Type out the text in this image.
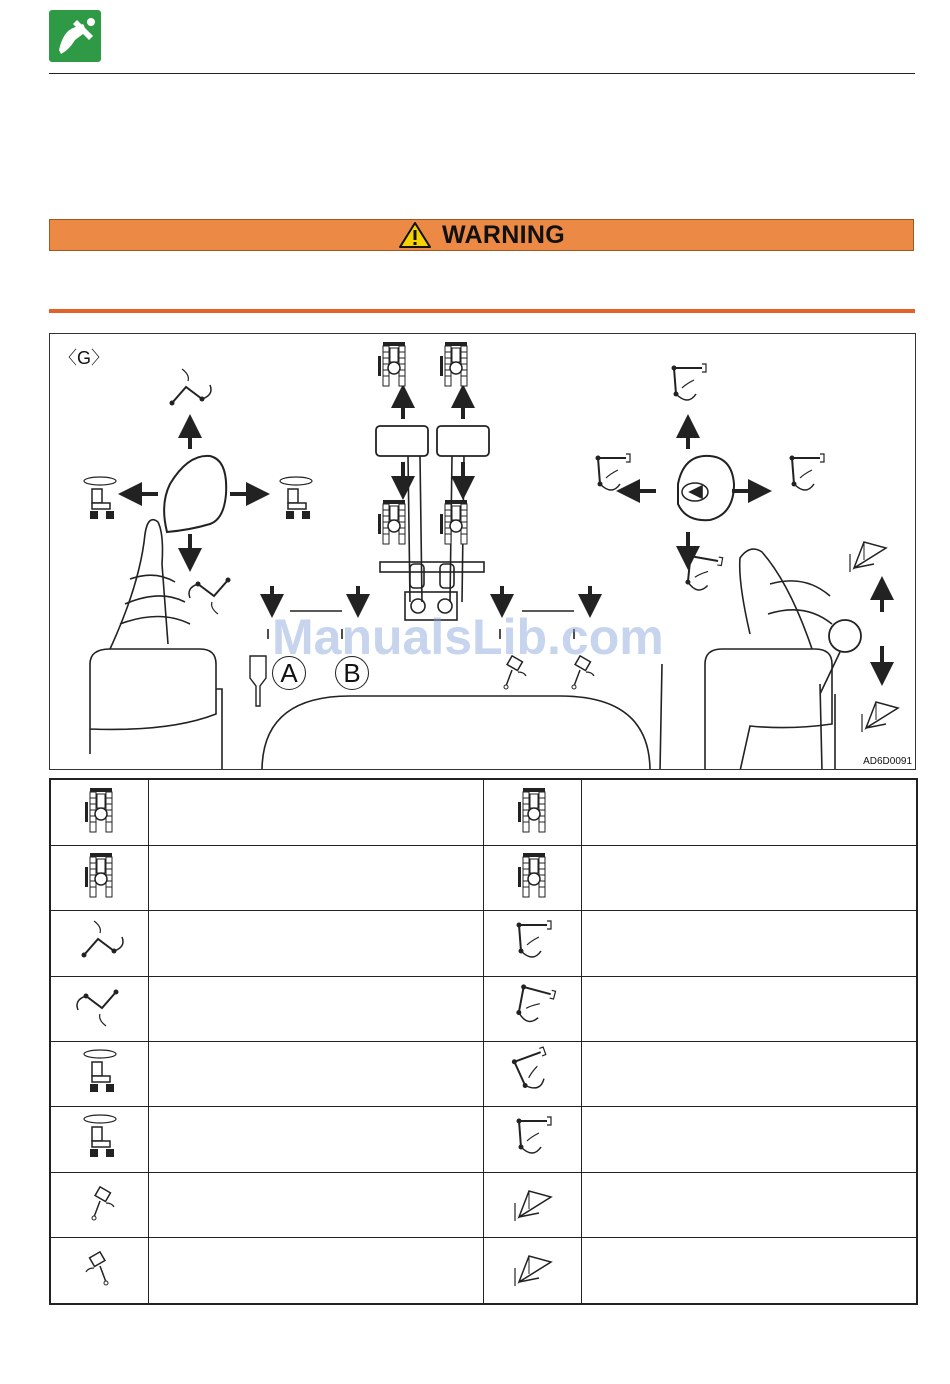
WARNING
〈G〉
A	B
ManualsLib.com
AD6D0091
